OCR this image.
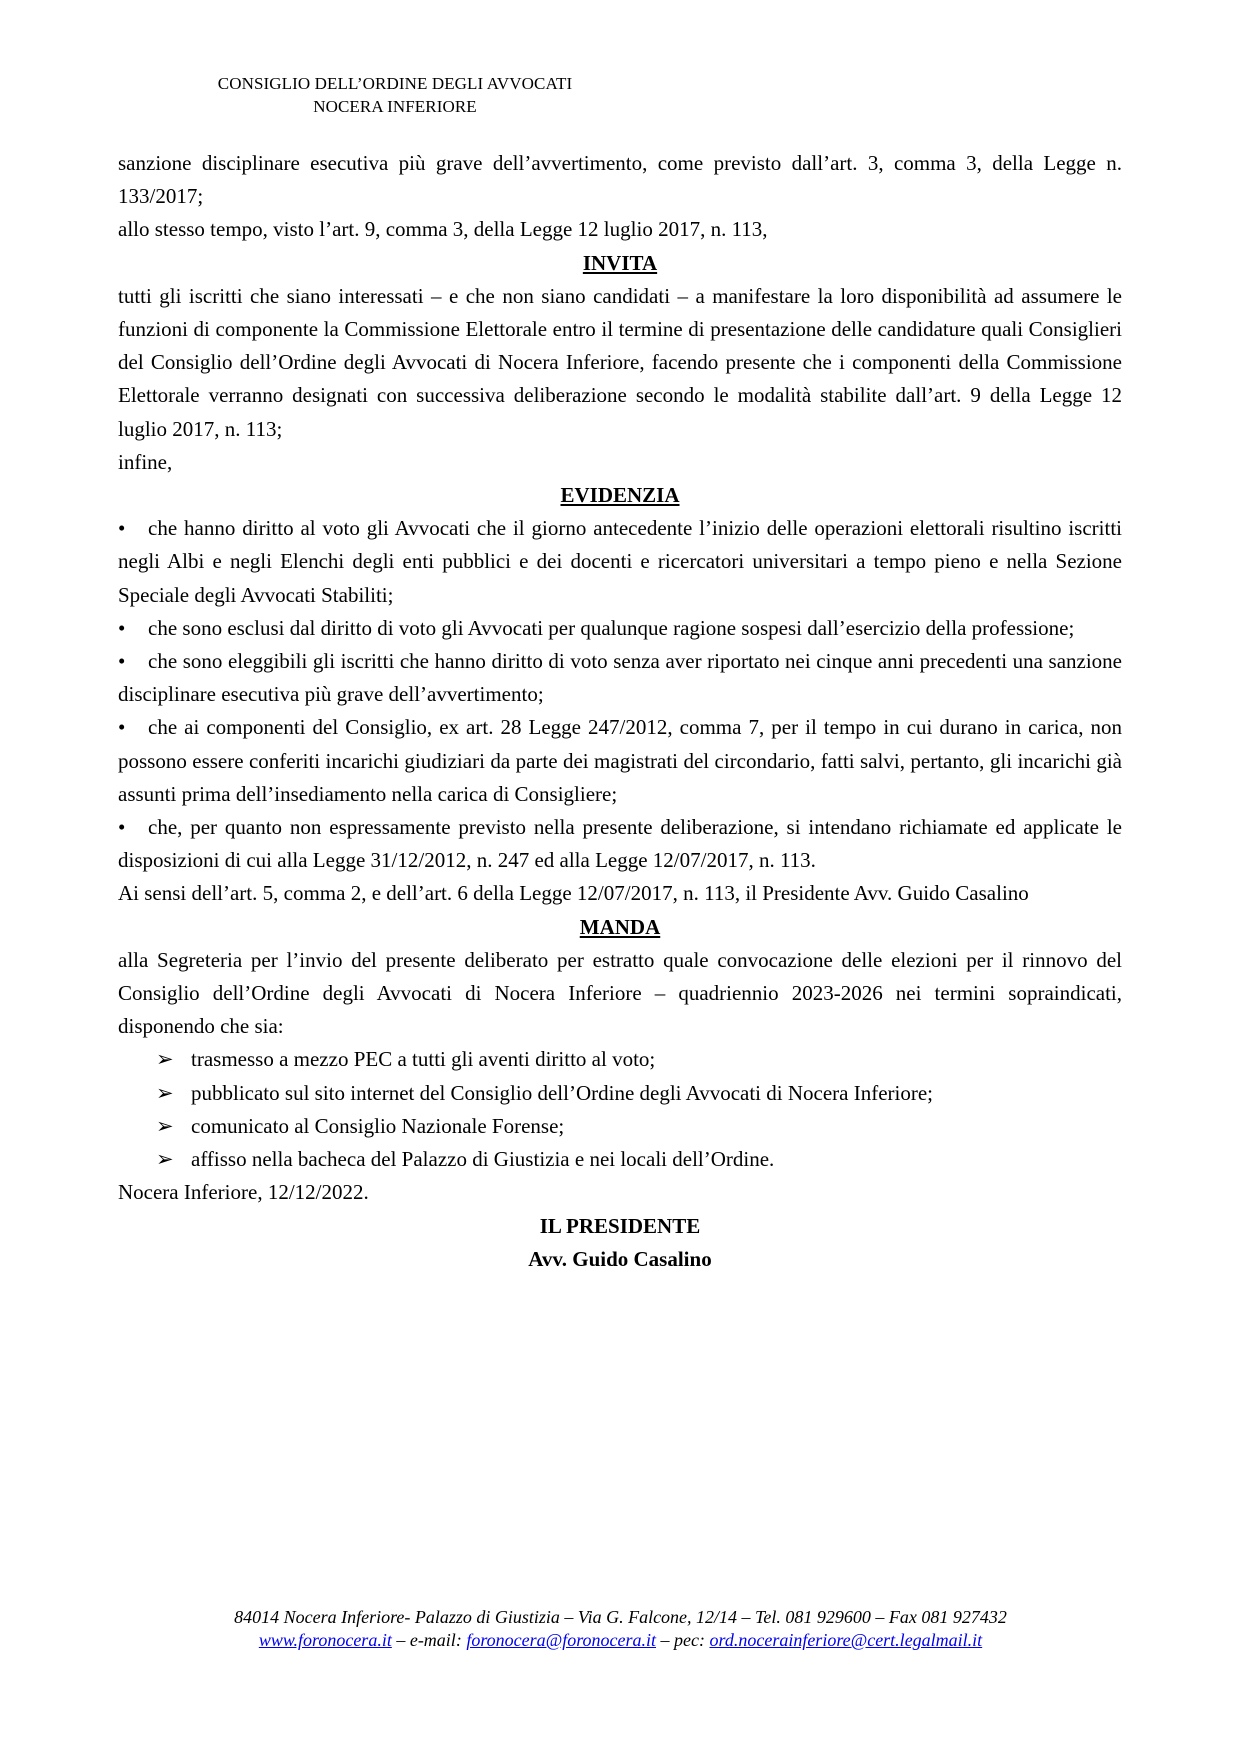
CONSIGLIO DELL’ORDINE DEGLI AVVOCATI
NOCERA INFERIORE
sanzione disciplinare esecutiva più grave dell’avvertimento, come previsto dall’art. 3, comma 3, della Legge n. 133/2017;
allo stesso tempo, visto l’art. 9, comma 3, della Legge 12 luglio 2017, n. 113,
INVITA
tutti gli iscritti che siano interessati – e che non siano candidati – a manifestare la loro disponibilità ad assumere le funzioni di componente la Commissione Elettorale entro il termine di presentazione delle candidature quali Consiglieri del Consiglio dell’Ordine degli Avvocati di Nocera Inferiore, facendo presente che i componenti della Commissione Elettorale verranno designati con successiva deliberazione secondo le modalità stabilite dall’art. 9 della Legge 12 luglio 2017, n. 113;
infine,
EVIDENZIA
• che hanno diritto al voto gli Avvocati che il giorno antecedente l’inizio delle operazioni elettorali risultino iscritti negli Albi e negli Elenchi degli enti pubblici e dei docenti e ricercatori universitari a tempo pieno e nella Sezione Speciale degli Avvocati Stabiliti;
• che sono esclusi dal diritto di voto gli Avvocati per qualunque ragione sospesi dall’esercizio della professione;
• che sono eleggibili gli iscritti che hanno diritto di voto senza aver riportato nei cinque anni precedenti una sanzione disciplinare esecutiva più grave dell’avvertimento;
• che ai componenti del Consiglio, ex art. 28 Legge 247/2012, comma 7, per il tempo in cui durano in carica, non possono essere conferiti incarichi giudiziari da parte dei magistrati del circondario, fatti salvi, pertanto, gli incarichi già assunti prima dell’insediamento nella carica di Consigliere;
• che, per quanto non espressamente previsto nella presente deliberazione, si intendano richiamate ed applicate le disposizioni di cui alla Legge 31/12/2012, n. 247 ed alla Legge 12/07/2017, n. 113.
Ai sensi dell’art. 5, comma 2, e dell’art. 6 della Legge 12/07/2017, n. 113, il Presidente Avv. Guido Casalino
MANDA
alla Segreteria per l’invio del presente deliberato per estratto quale convocazione delle elezioni per il rinnovo del Consiglio dell’Ordine degli Avvocati di Nocera Inferiore – quadriennio 2023-2026 nei termini sopraindicati, disponendo che sia:
➢ trasmesso a mezzo PEC a tutti gli aventi diritto al voto;
➢ pubblicato sul sito internet del Consiglio dell’Ordine degli Avvocati di Nocera Inferiore;
➢ comunicato al Consiglio Nazionale Forense;
➢ affisso nella bacheca del Palazzo di Giustizia e nei locali dell’Ordine.
Nocera Inferiore, 12/12/2022.
IL PRESIDENTE
Avv. Guido Casalino
84014 Nocera Inferiore- Palazzo di Giustizia – Via G. Falcone, 12/14 – Tel. 081 929600 – Fax 081 927432
www.foronocera.it – e-mail: foronocera@foronocera.it – pec: ord.nocerainferiore@cert.legalmail.it
